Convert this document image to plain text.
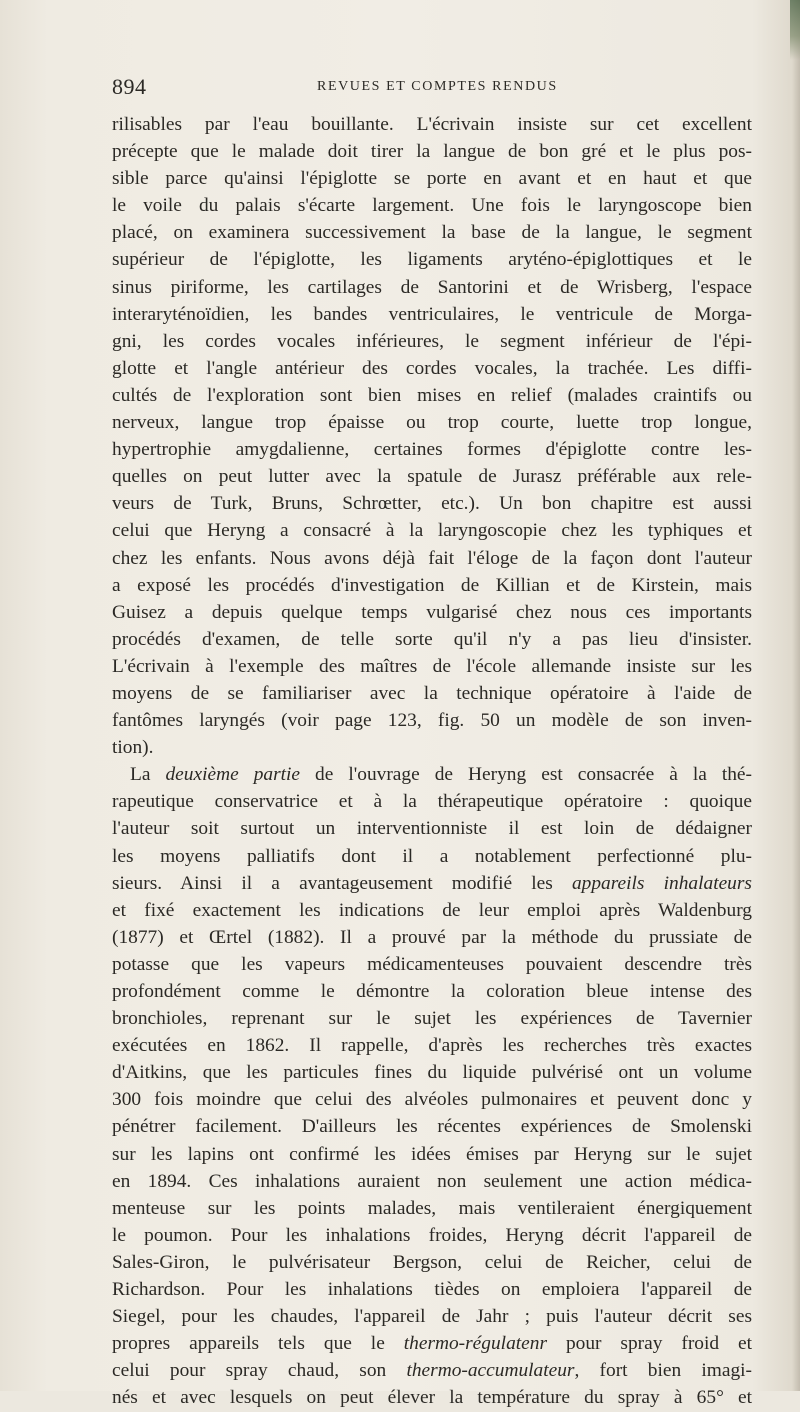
894	REVUES ET COMPTES RENDUS
rilisables par l'eau bouillante. L'écrivain insiste sur cet excellent
précepte que le malade doit tirer la langue de bon gré et le plus pos-
sible parce qu'ainsi l'épiglotte se porte en avant et en haut et que
le voile du palais s'écarte largement. Une fois le laryngoscope bien
placé, on examinera successivement la base de la langue, le segment
supérieur de l'épiglotte, les ligaments aryténo-épiglottiques et le
sinus piriforme, les cartilages de Santorini et de Wrisberg, l'espace
interaryténoïdien, les bandes ventriculaires, le ventricule de Morga-
gni, les cordes vocales inférieures, le segment inférieur de l'épi-
glotte et l'angle antérieur des cordes vocales, la trachée. Les diffi-
cultés de l'exploration sont bien mises en relief (malades craintifs ou
nerveux, langue trop épaisse ou trop courte, luette trop longue,
hypertrophie amygdalienne, certaines formes d'épiglotte contre les-
quelles on peut lutter avec la spatule de Jurasz préférable aux rele-
veurs de Turk, Bruns, Schrœtter, etc.). Un bon chapitre est aussi
celui que Heryng a consacré à la laryngoscopie chez les typhiques et
chez les enfants. Nous avons déjà fait l'éloge de la façon dont l'auteur
a exposé les procédés d'investigation de Killian et de Kirstein, mais
Guisez a depuis quelque temps vulgarisé chez nous ces importants
procédés d'examen, de telle sorte qu'il n'y a pas lieu d'insister.
L'écrivain à l'exemple des maîtres de l'école allemande insiste sur les
moyens de se familiariser avec la technique opératoire à l'aide de
fantômes laryngés (voir page 123, fig. 50 un modèle de son inven-
tion).
La deuxième partie de l'ouvrage de Heryng est consacrée à la thé-
rapeutique conservatrice et à la thérapeutique opératoire : quoique
l'auteur soit surtout un interventionniste il est loin de dédaigner
les moyens palliatifs dont il a notablement perfectionné plu-
sieurs. Ainsi il a avantageusement modifié les appareils inhalateurs
et fixé exactement les indications de leur emploi après Waldenburg
(1877) et Œrtel (1882). Il a prouvé par la méthode du prussiate de
potasse que les vapeurs médicamenteuses pouvaient descendre très
profondément comme le démontre la coloration bleue intense des
bronchioles, reprenant sur le sujet les expériences de Tavernier
exécutées en 1862. Il rappelle, d'après les recherches très exactes
d'Aitkins, que les particules fines du liquide pulvérisé ont un volume
300 fois moindre que celui des alvéoles pulmonaires et peuvent donc y
pénétrer facilement. D'ailleurs les récentes expériences de Smolenski
sur les lapins ont confirmé les idées émises par Heryng sur le sujet
en 1894. Ces inhalations auraient non seulement une action médica-
menteuse sur les points malades, mais ventileraient énergiquement
le poumon. Pour les inhalations froides, Heryng décrit l'appareil de
Sales-Giron, le pulvérisateur Bergson, celui de Reicher, celui de
Richardson. Pour les inhalations tièdes on emploiera l'appareil de
Siegel, pour les chaudes, l'appareil de Jahr ; puis l'auteur décrit ses
propres appareils tels que le thermo-régulatenr pour spray froid et
celui pour spray chaud, son thermo-accumulateur, fort bien imagi-
nés et avec lesquels on peut élever la température du spray à 65° et
